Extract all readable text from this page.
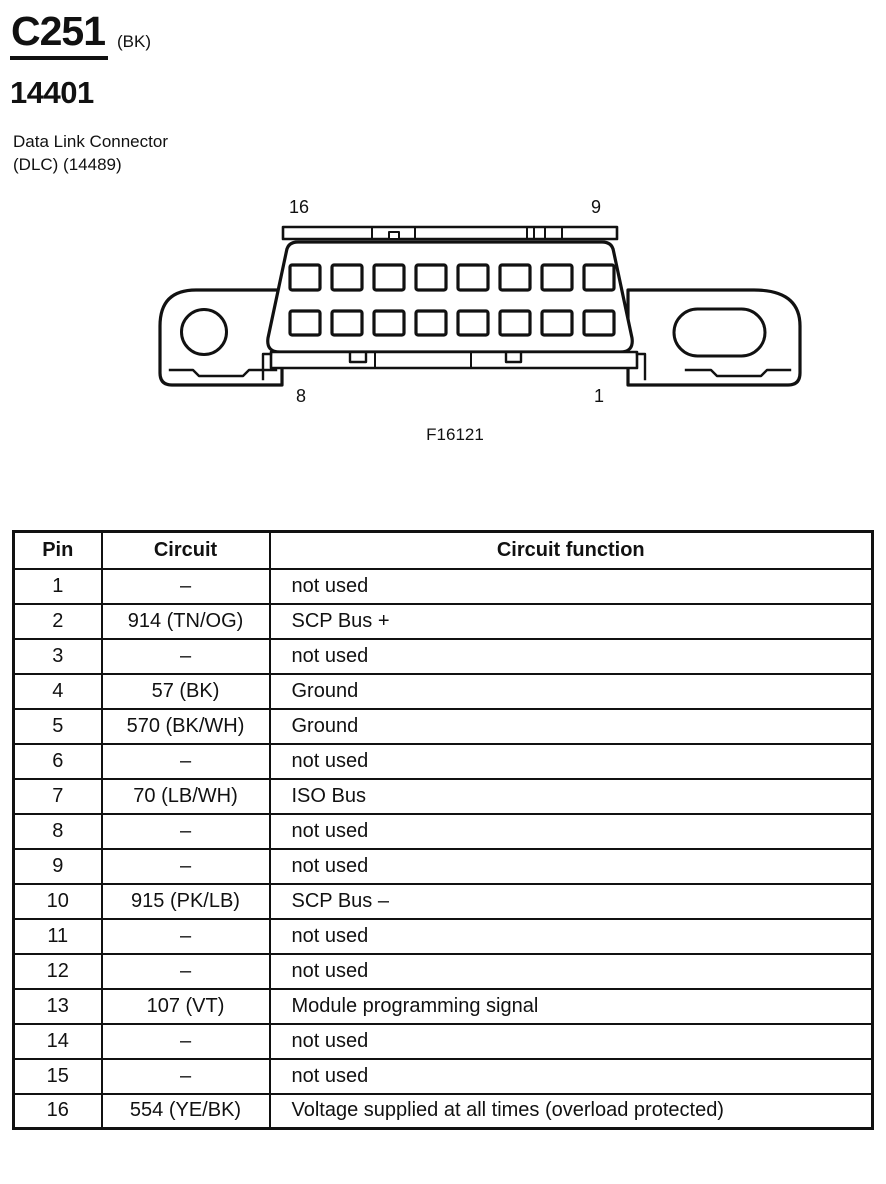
C251 (BK)
14401
Data Link Connector
(DLC) (14489)
16	9
8	1
F16121
Pin	Circuit	Circuit function
1	–	not used
2	914 (TN/OG)	SCP Bus +
3	–	not used
4	57 (BK)	Ground
5	570 (BK/WH)	Ground
6	–	not used
7	70 (LB/WH)	ISO Bus
8	–	not used
9	–	not used
10	915 (PK/LB)	SCP Bus –
11	–	not used
12	–	not used
13	107 (VT)	Module programming signal
14	–	not used
15	–	not used
16	554 (YE/BK)	Voltage supplied at all times (overload protected)
